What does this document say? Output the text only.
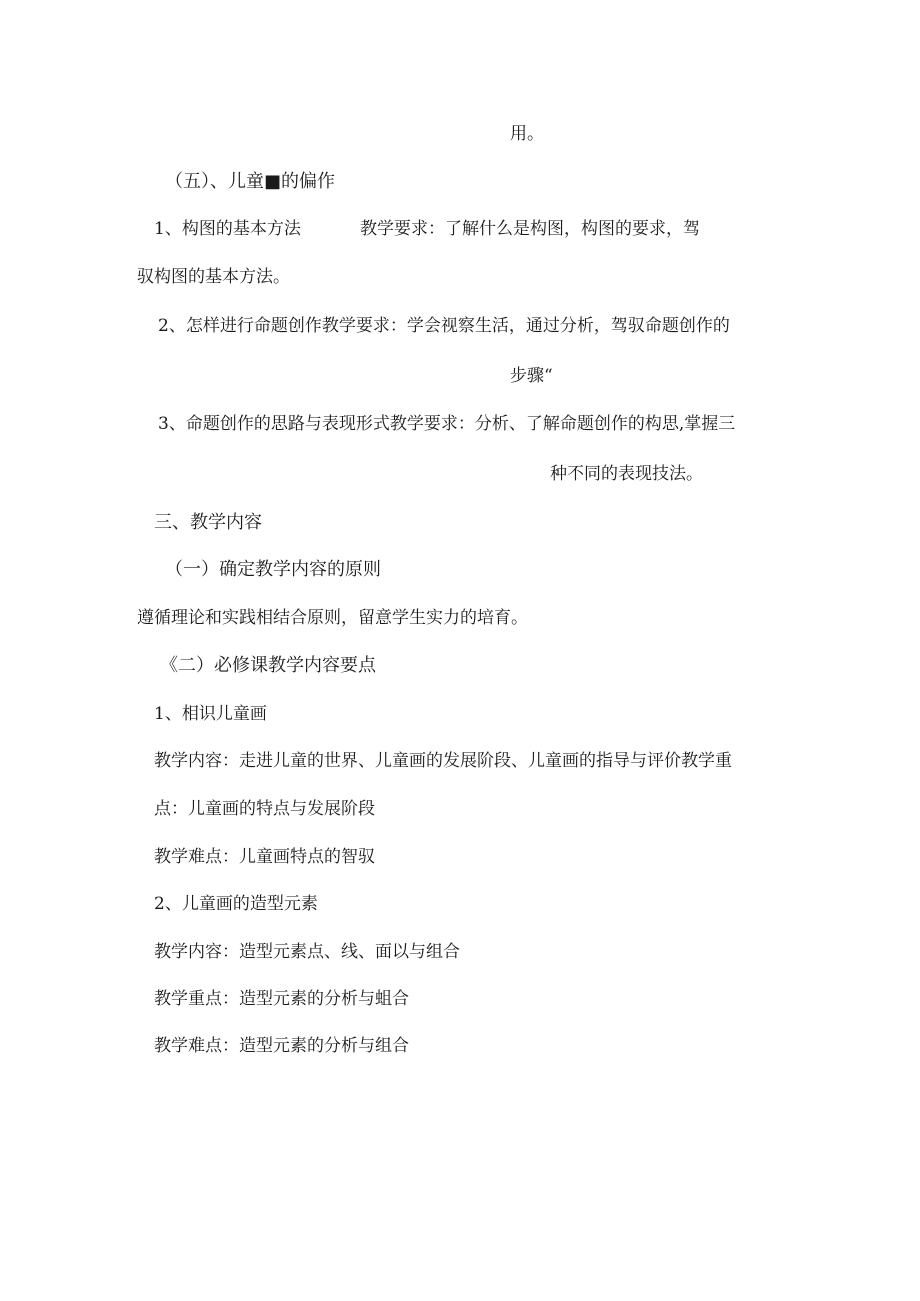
用。
（五）、儿童■的偏作
1、构图的基本方法	教学要求：了解什么是构图，构图的要求，驾
驭构图的基本方法。
2、怎样进行命题创作教学要求：学会视察生活，通过分析，驾驭命题创作的
步骤“
3、命题创作的思路与表现形式教学要求：分析、了解命题创作的构思,掌握三
种不同的表现技法。
三、教学内容
（一）确定教学内容的原则
遵循理论和实践相结合原则，留意学生实力的培育。
《二）必修课教学内容要点
1、相识儿童画
教学内容：走进儿童的世界、儿童画的发展阶段、儿童画的指导与评价教学重
点：儿童画的特点与发展阶段
教学难点：儿童画特点的智驭
2、儿童画的造型元素
教学内容：造型元素点、线、面以与组合
教学重点：造型元素的分析与蛆合
教学难点：造型元素的分析与组合
